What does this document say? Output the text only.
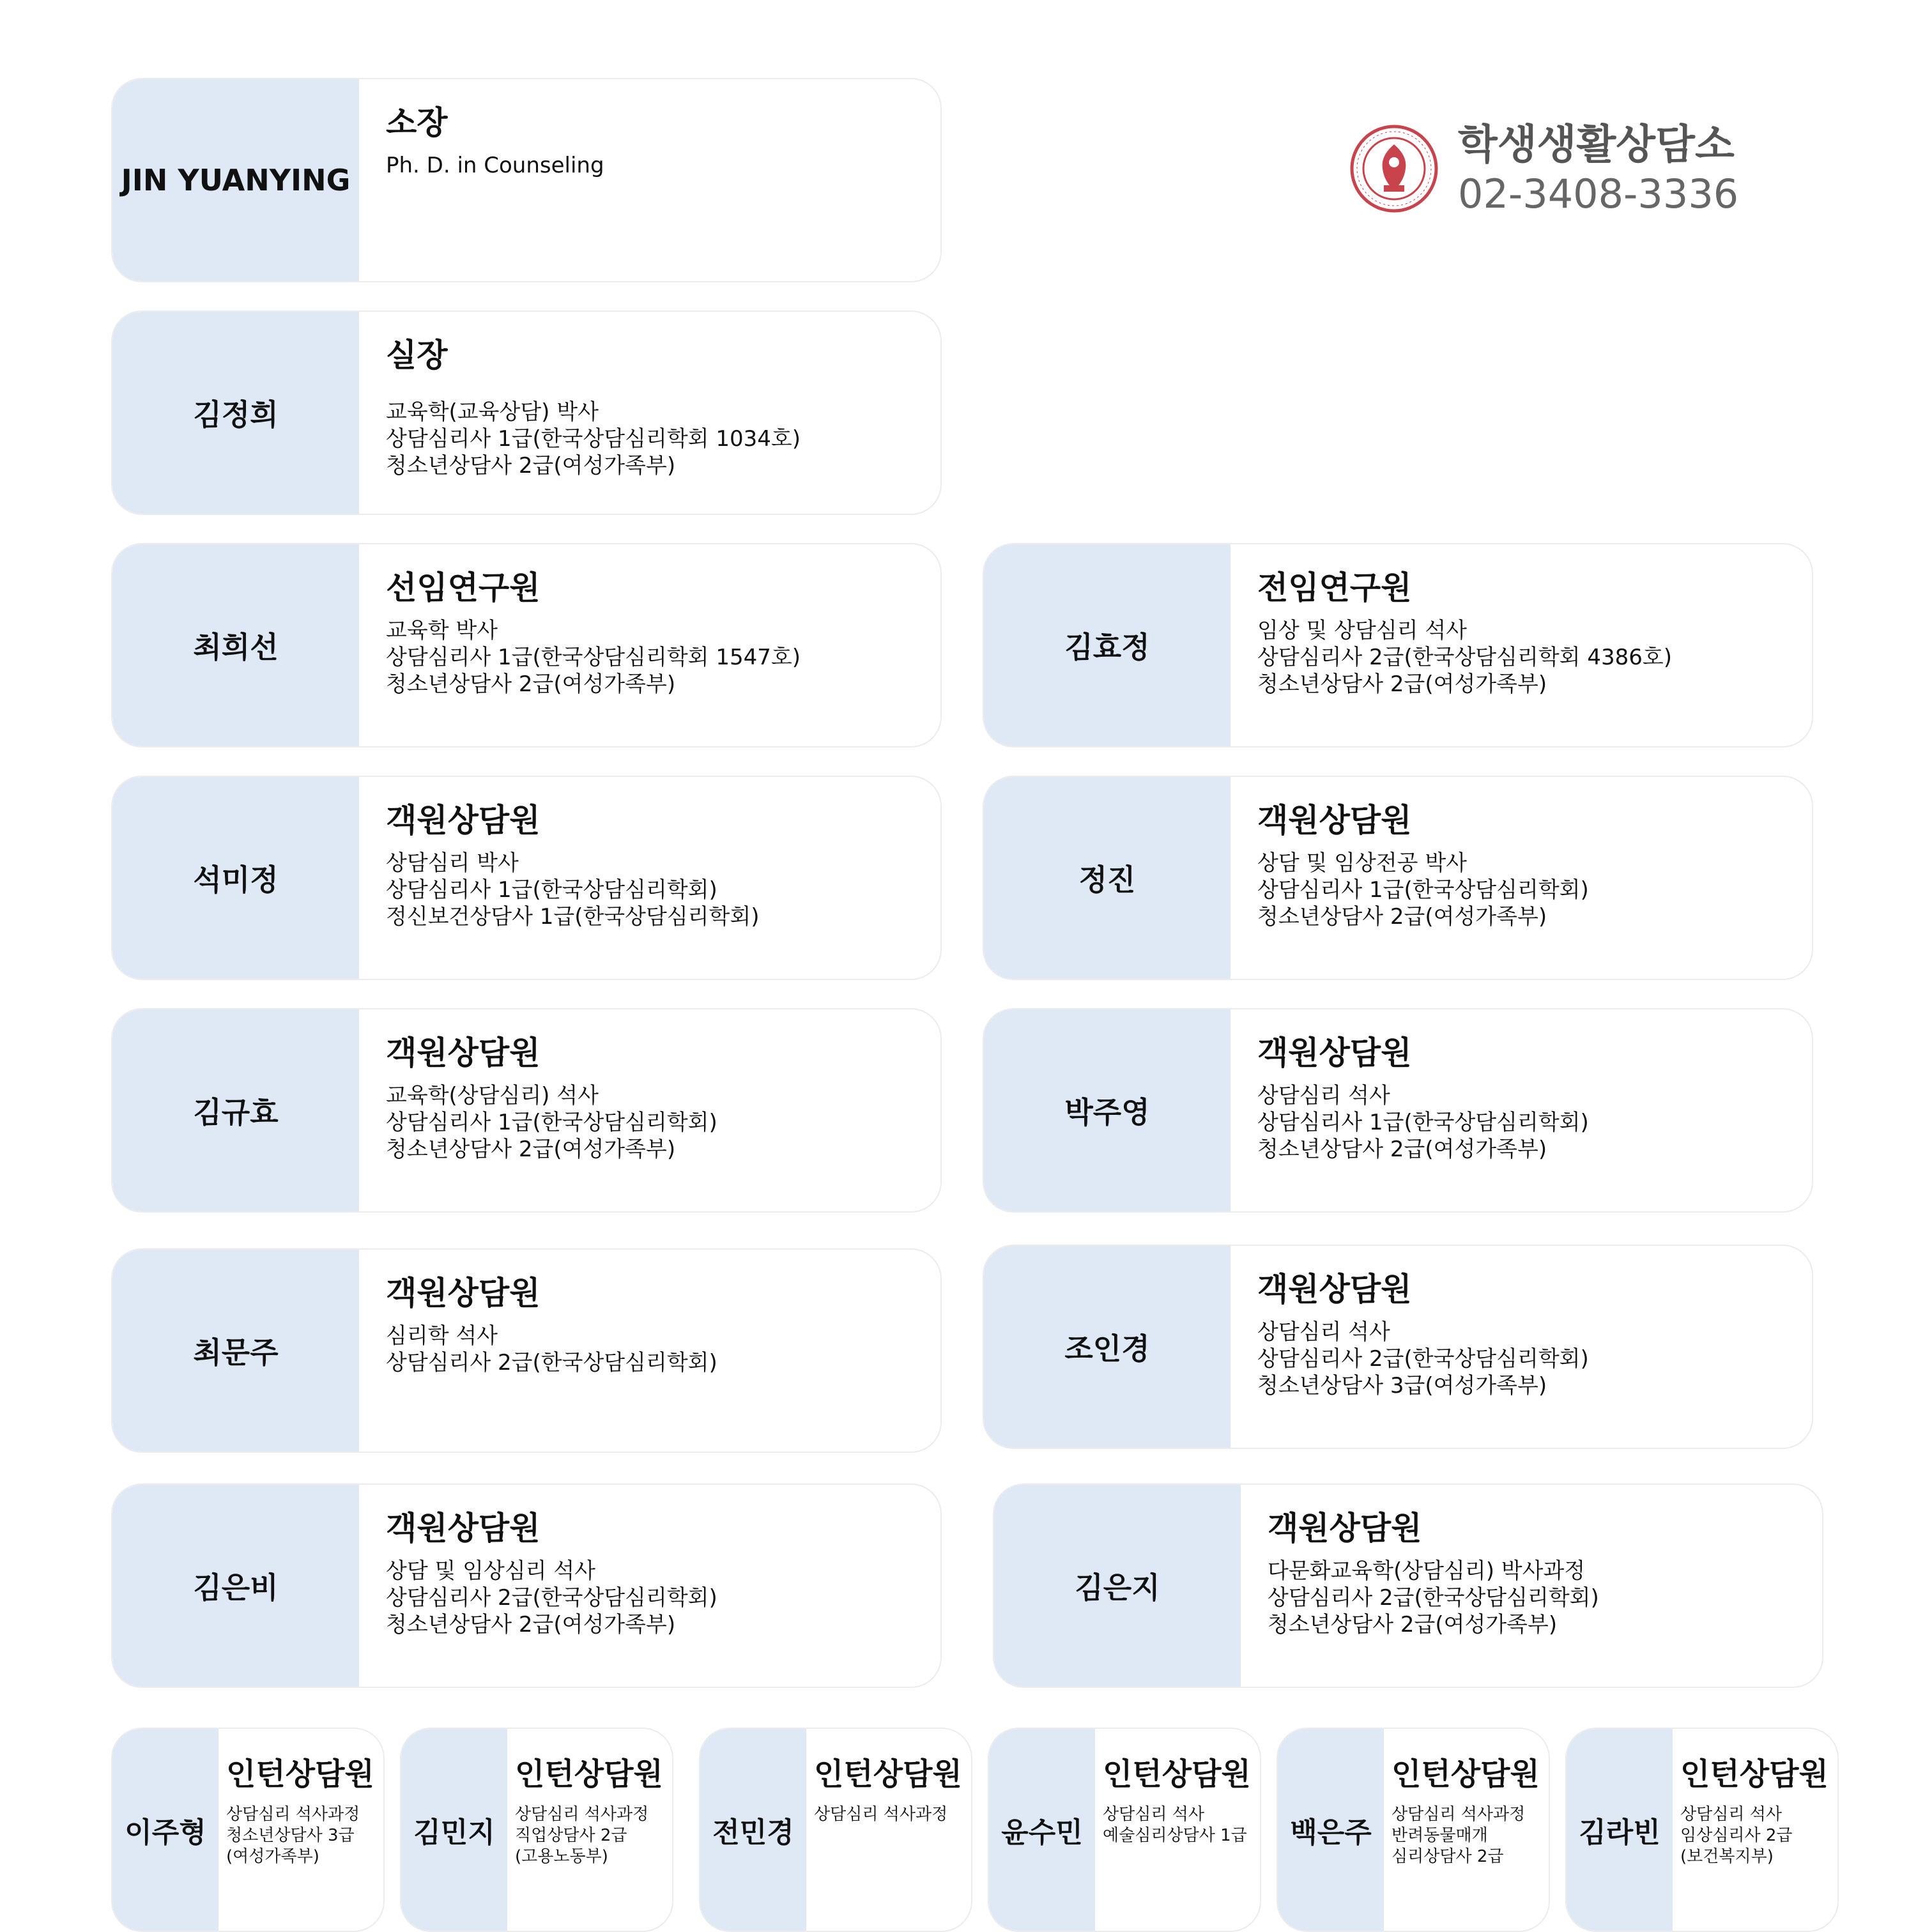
학생생활상담소
02-3408-3336
JIN YUANYING
소장
Ph. D. in Counseling
김정희
실장
교육학(교육상담) 박사
상담심리사 1급(한국상담심리학회 1034호)
청소년상담사 2급(여성가족부)
최희선
선임연구원
교육학 박사
상담심리사 1급(한국상담심리학회 1547호)
청소년상담사 2급(여성가족부)
김효정
전임연구원
임상 및 상담심리 석사
상담심리사 2급(한국상담심리학회 4386호)
청소년상담사 2급(여성가족부)
석미정
객원상담원
상담심리 박사
상담심리사 1급(한국상담심리학회)
정신보건상담사 1급(한국상담심리학회)
정진
객원상담원
상담 및 임상전공 박사
상담심리사 1급(한국상담심리학회)
청소년상담사 2급(여성가족부)
김규효
객원상담원
교육학(상담심리) 석사
상담심리사 1급(한국상담심리학회)
청소년상담사 2급(여성가족부)
박주영
객원상담원
상담심리 석사
상담심리사 1급(한국상담심리학회)
청소년상담사 2급(여성가족부)
최문주
객원상담원
심리학 석사
상담심리사 2급(한국상담심리학회)	조인경
객원상담원
상담심리 석사
상담심리사 2급(한국상담심리학회)
청소년상담사 3급(여성가족부)
김은비
객원상담원
상담 및 임상심리 석사
상담심리사 2급(한국상담심리학회)
청소년상담사 2급(여성가족부)
김은지
객원상담원
다문화교육학(상담심리) 박사과정
상담심리사 2급(한국상담심리학회)
청소년상담사 2급(여성가족부)
이주형
인턴상담원
상담심리 석사과정
청소년상담사 3급
(여성가족부)
김민지
인턴상담원
상담심리 석사과정
직업상담사 2급
(고용노동부)
전민경
인턴상담원
상담심리 석사과정
윤수민
인턴상담원
상담심리 석사
예술심리상담사 1급	백은주
인턴상담원
상담심리 석사과정
반려동물매개
심리상담사 2급
김라빈
인턴상담원
상담심리 석사
임상심리사 2급
(보건복지부)
